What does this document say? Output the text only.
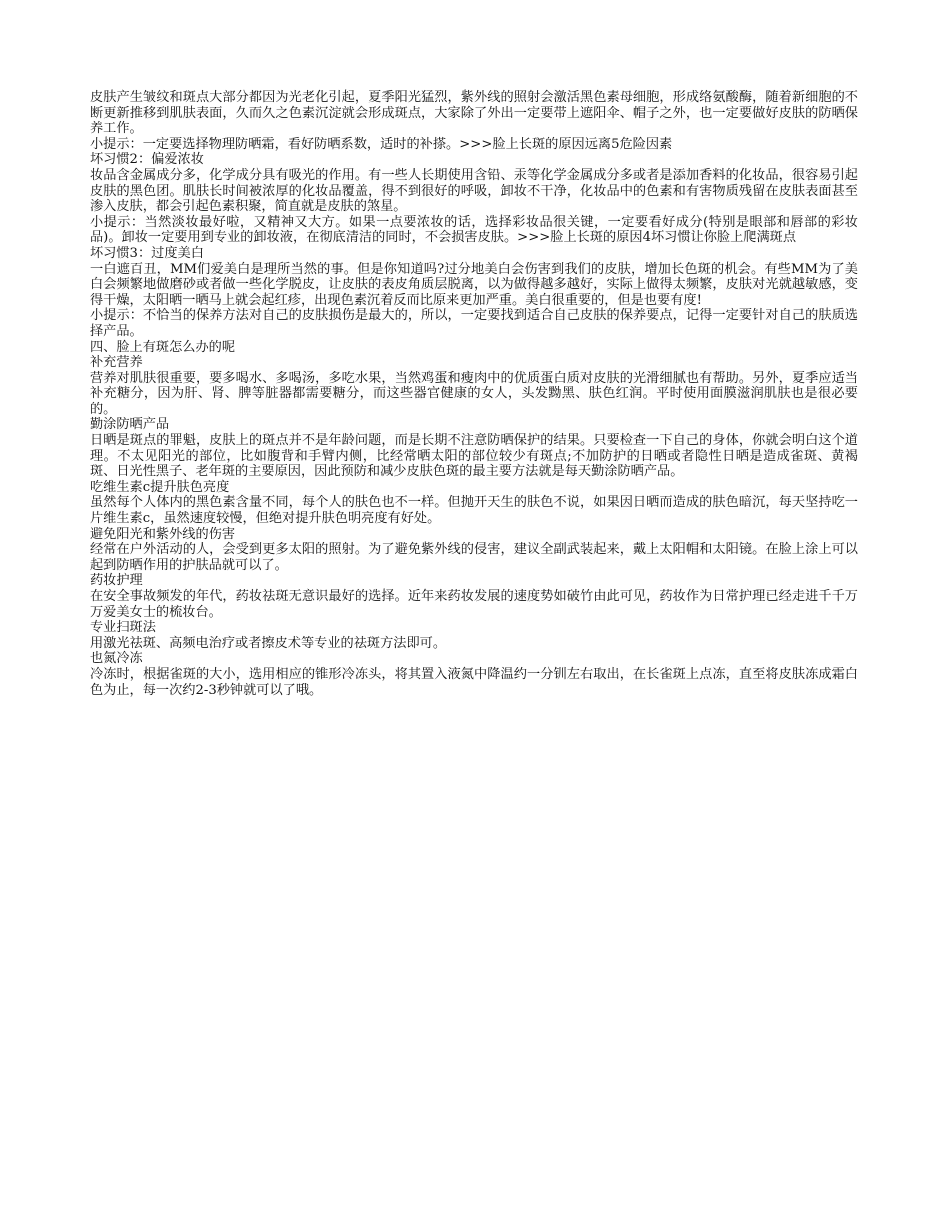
皮肤产生皱纹和斑点大部分都因为光老化引起，夏季阳光猛烈，紫外线的照射会激活黑色素母细胞，形成络氨酸酶，随着新细胞的不断更新推移到肌肤表面，久而久之色素沉淀就会形成斑点，大家除了外出一定要带上遮阳伞、帽子之外，也一定要做好皮肤的防晒保养工作。

小提示：一定要选择物理防晒霜，看好防晒系数，适时的补搽。>>>脸上长斑的原因远离5危险因素

坏习惯2：偏爱浓妆

妆品含金属成分多，化学成分具有吸光的作用。有一些人长期使用含铅、汞等化学金属成分多或者是添加香料的化妆品，很容易引起皮肤的黑色团。肌肤长时间被浓厚的化妆品覆盖，得不到很好的呼吸，卸妆不干净，化妆品中的色素和有害物质残留在皮肤表面甚至渗入皮肤，都会引起色素积聚，简直就是皮肤的煞星。

小提示：当然淡妆最好啦，又精神又大方。如果一点要浓妆的话，选择彩妆品很关键，一定要看好成分(特别是眼部和唇部的彩妆品)。卸妆一定要用到专业的卸妆液，在彻底清洁的同时，不会损害皮肤。>>>脸上长斑的原因4坏习惯让你脸上爬满斑点

坏习惯3：过度美白

一白遮百丑，MM们爱美白是理所当然的事。但是你知道吗?过分地美白会伤害到我们的皮肤，增加长色斑的机会。有些MM为了美白会频繁地做磨砂或者做一些化学脱皮，让皮肤的表皮角质层脱离，以为做得越多越好，实际上做得太频繁，皮肤对光就越敏感，变得干燥，太阳晒一晒马上就会起红疹，出现色素沉着反而比原来更加严重。美白很重要的，但是也要有度!

小提示：不恰当的保养方法对自己的皮肤损伤是最大的，所以，一定要找到适合自己皮肤的保养要点，记得一定要针对自己的肤质选择产品。

四、脸上有斑怎么办的呢

补充营养

营养对肌肤很重要，要多喝水、多喝汤，多吃水果，当然鸡蛋和瘦肉中的优质蛋白质对皮肤的光滑细腻也有帮助。另外，夏季应适当补充糖分，因为肝、肾、脾等脏器都需要糖分，而这些器官健康的女人，头发黝黑、肤色红润。平时使用面膜滋润肌肤也是很必要的。

勤涂防晒产品

日晒是斑点的罪魁，皮肤上的斑点并不是年龄问题，而是长期不注意防晒保护的结果。只要检查一下自己的身体，你就会明白这个道理。不太见阳光的部位，比如腹背和手臂内侧，比经常晒太阳的部位较少有斑点;不加防护的日晒或者隐性日晒是造成雀斑、黄褐斑、日光性黑子、老年斑的主要原因，因此预防和减少皮肤色斑的最主要方法就是每天勤涂防晒产品。

吃维生素c提升肤色亮度

虽然每个人体内的黑色素含量不同，每个人的肤色也不一样。但抛开天生的肤色不说，如果因日晒而造成的肤色暗沉，每天坚持吃一片维生素c，虽然速度较慢，但绝对提升肤色明亮度有好处。

避免阳光和紫外线的伤害

经常在户外活动的人，会受到更多太阳的照射。为了避免紫外线的侵害，建议全副武装起来，戴上太阳帽和太阳镜。在脸上涂上可以起到防晒作用的护肤品就可以了。

药妆护理

在安全事故频发的年代，药妆祛斑无意识最好的选择。近年来药妆发展的速度势如破竹由此可见，药妆作为日常护理已经走进千千万万爱美女士的梳妆台。

专业扫斑法

用激光祛斑、高频电治疗或者擦皮术等专业的祛斑方法即可。

也氮冷冻

冷冻时，根据雀斑的大小，选用相应的锥形冷冻头，将其置入液氮中降温约一分钏左右取出，在长雀斑上点冻，直至将皮肤冻成霜白色为止，每一次约2-3秒钟就可以了哦。
